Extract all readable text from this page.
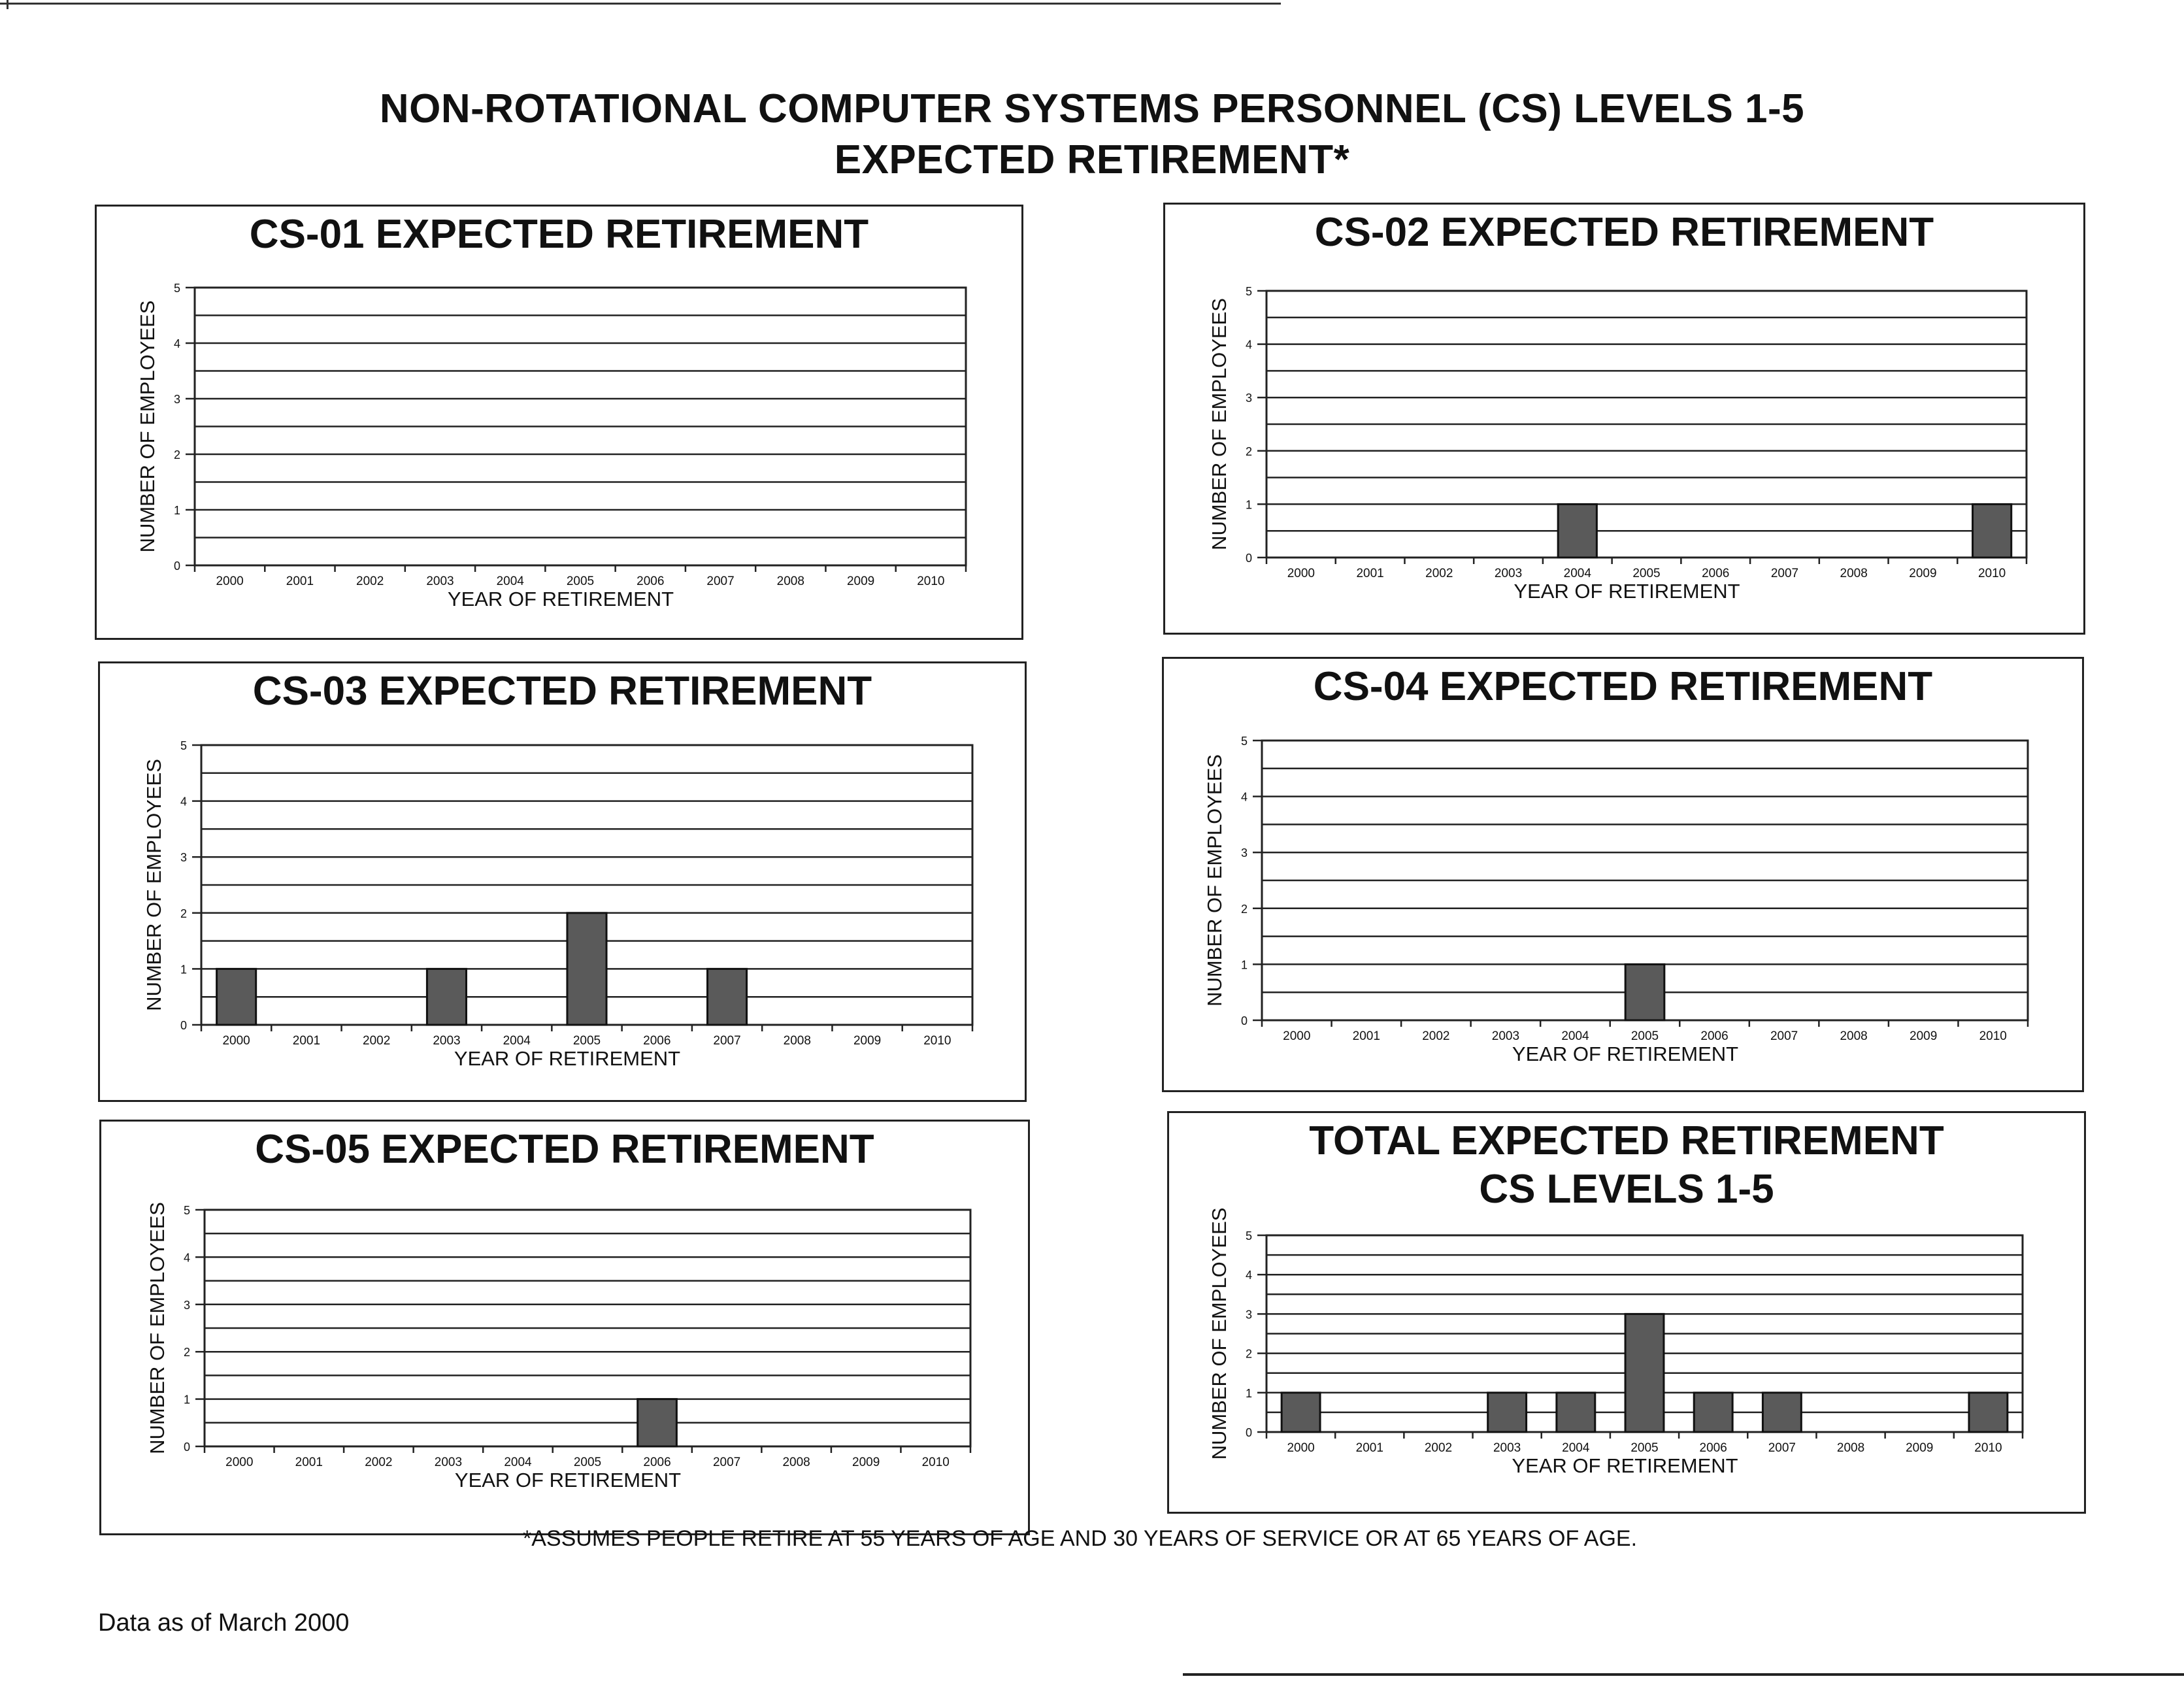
NON-ROTATIONAL COMPUTER SYSTEMS PERSONNEL (CS) LEVELS 1-5
EXPECTED RETIREMENT*
CS-01 EXPECTED RETIREMENT
0
1
2
3
4
5
2000	2001	2002	2003	2004	2005	2006	2007	2008	2009	2010
YEAR OF RETIREMENT
NUMBER OF EMPLOYEES
CS-02 EXPECTED RETIREMENT
0
1
2
3
4
5
2000	2001	2002	2003	2004	2005	2006	2007	2008	2009	2010
YEAR OF RETIREMENT
NUMBER OF EMPLOYEES
CS-03 EXPECTED RETIREMENT
0
1
2
3
4
5
2000	2001	2002	2003	2004	2005	2006	2007	2008	2009	2010
YEAR OF RETIREMENT
NUMBER OF EMPLOYEES
CS-04 EXPECTED RETIREMENT
0
1
2
3
4
5
2000	2001	2002	2003	2004	2005	2006	2007	2008	2009	2010
YEAR OF RETIREMENT
NUMBER OF EMPLOYEES
CS-05 EXPECTED RETIREMENT
0
1
2
3
4
5
2000	2001	2002	2003	2004	2005	2006	2007	2008	2009	2010
YEAR OF RETIREMENT
NUMBER OF EMPLOYEES
TOTAL EXPECTED RETIREMENT
CS LEVELS 1-5
0
1
2
3
4
5
2000	2001	2002	2003	2004	2005	2006	2007	2008	2009	2010
YEAR OF RETIREMENT
NUMBER OF EMPLOYEES
*ASSUMES PEOPLE RETIRE AT 55 YEARS OF AGE AND 30 YEARS OF SERVICE OR AT 65 YEARS OF AGE.
Data as of March 2000
